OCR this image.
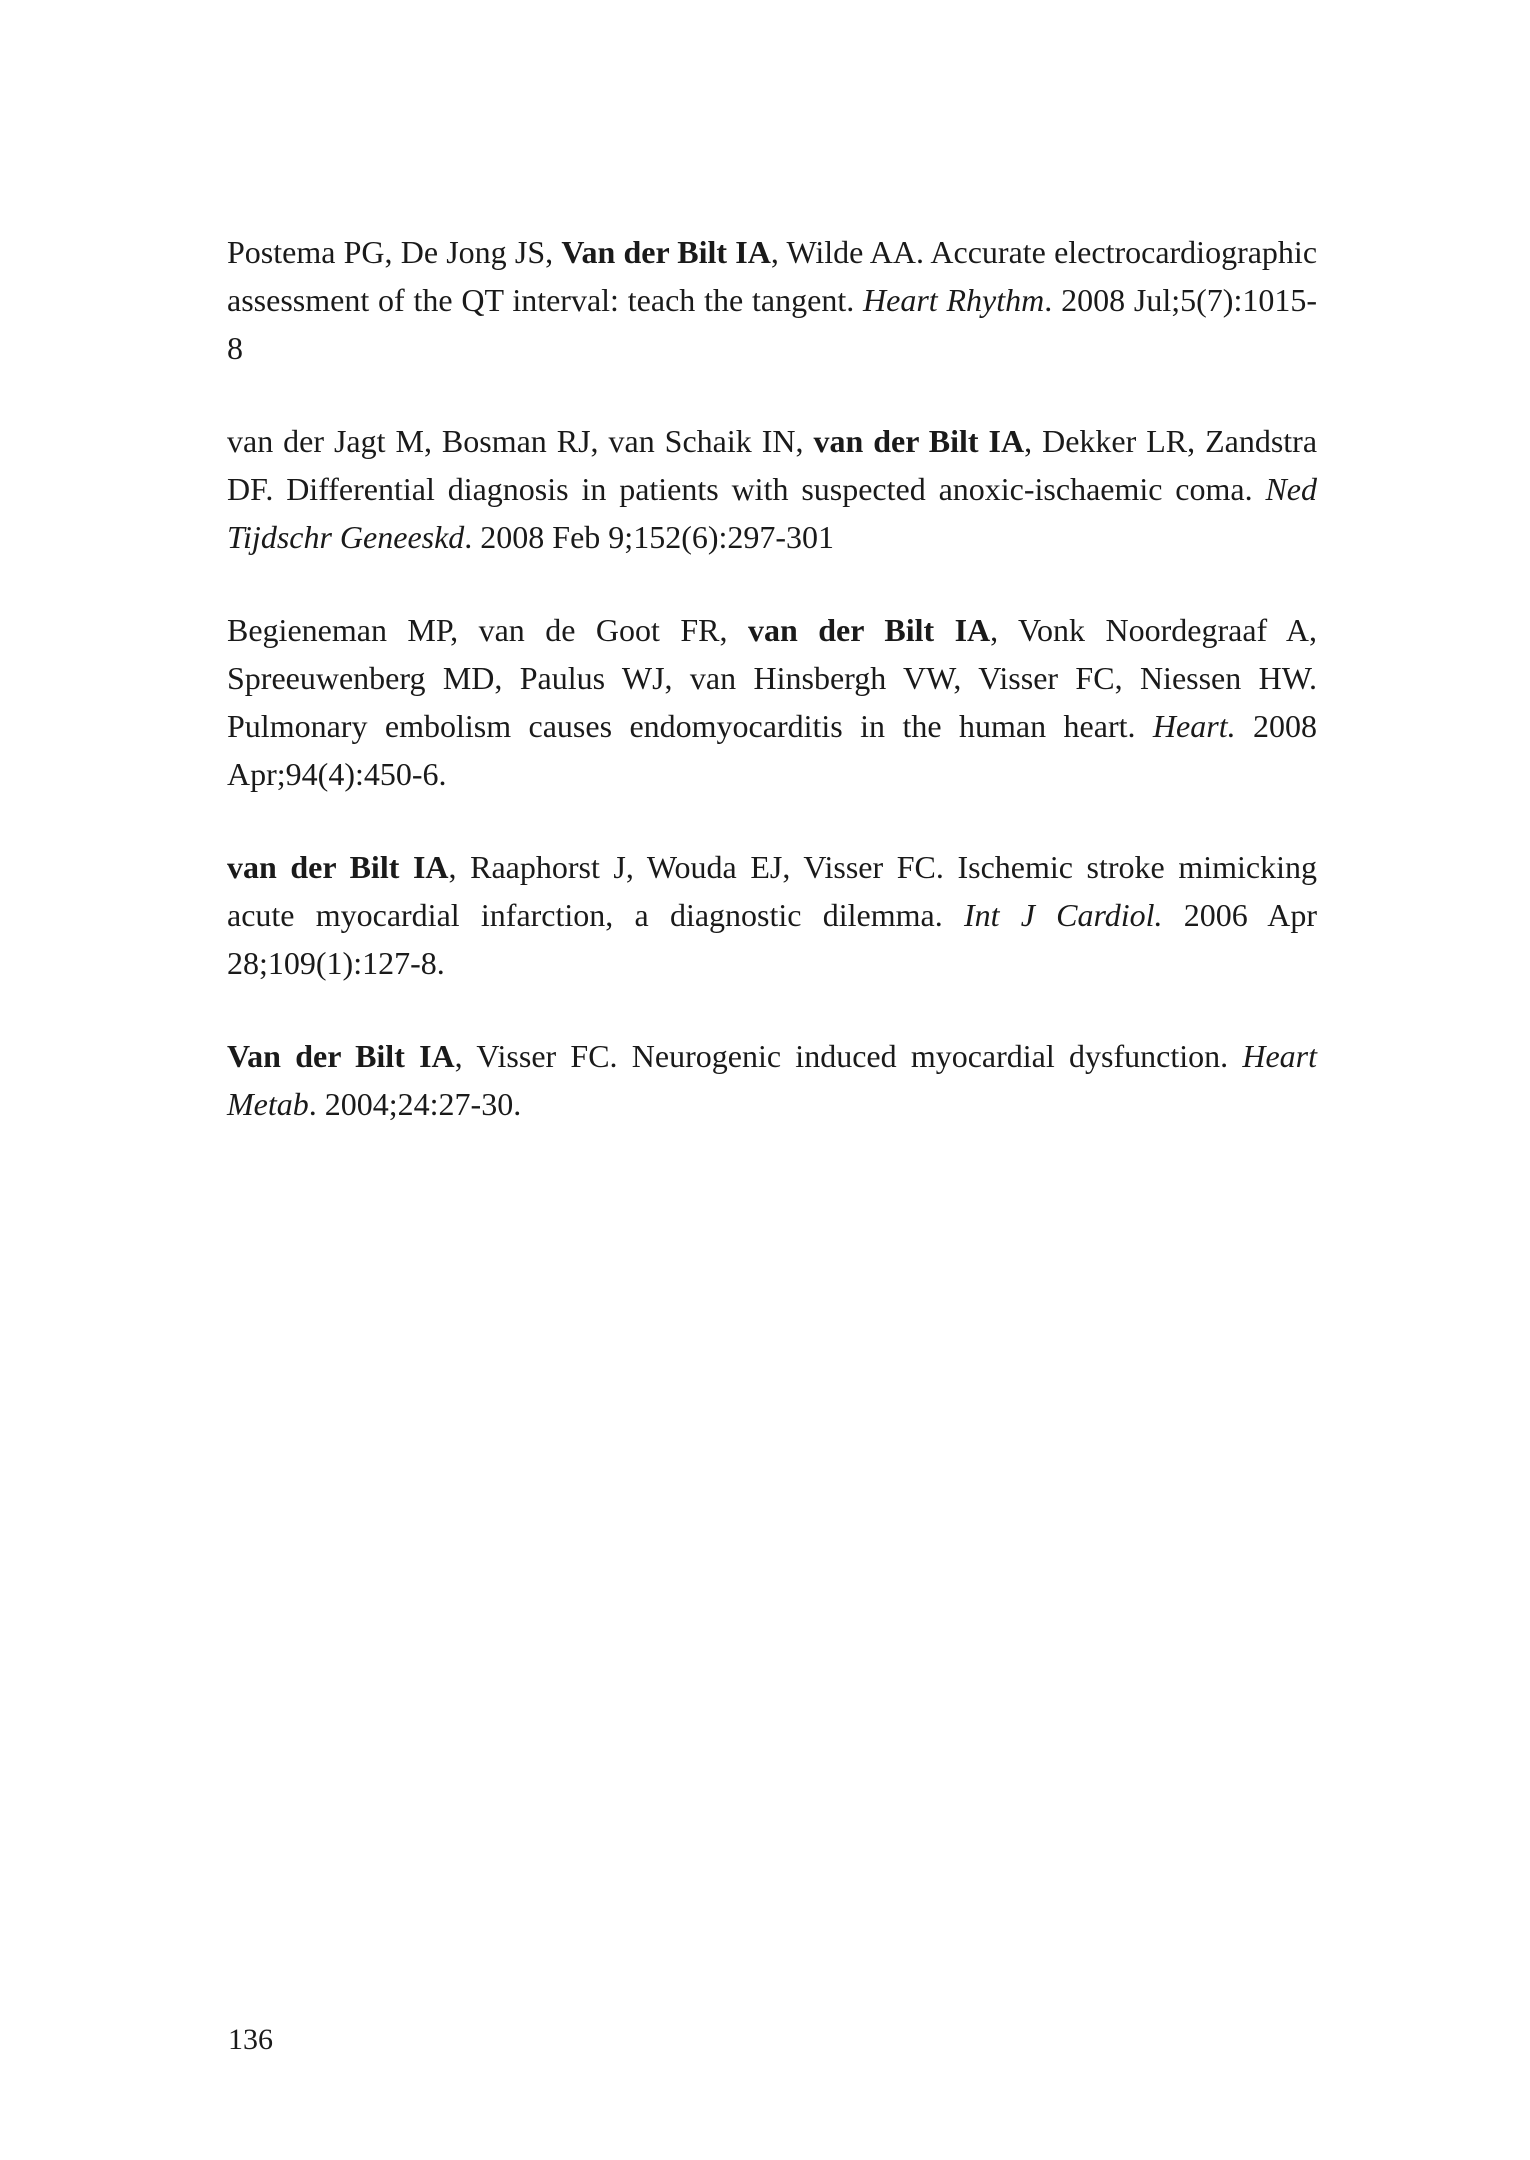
Postema PG, De Jong JS, Van der Bilt IA, Wilde AA. Accurate electrocardiographic assessment of the QT interval: teach the tangent. Heart Rhythm. 2008 Jul;5(7):1015-8

van der Jagt M, Bosman RJ, van Schaik IN, van der Bilt IA, Dekker LR, Zandstra DF. Differential diagnosis in patients with suspected anoxic-ischaemic coma. Ned Tijdschr Geneeskd. 2008 Feb 9;152(6):297-301

Begieneman MP, van de Goot FR, van der Bilt IA, Vonk Noordegraaf A, Spreeuwenberg MD, Paulus WJ, van Hinsbergh VW, Visser FC, Niessen HW. Pulmonary embolism causes endomyocarditis in the human heart. Heart. 2008 Apr;94(4):450-6.

van der Bilt IA, Raaphorst J, Wouda EJ, Visser FC. Ischemic stroke mimicking acute myocardial infarction, a diagnostic dilemma. Int J Cardiol. 2006 Apr 28;109(1):127-8.

Van der Bilt IA, Visser FC. Neurogenic induced myocardial dysfunction. Heart Metab. 2004;24:27-30.

136
